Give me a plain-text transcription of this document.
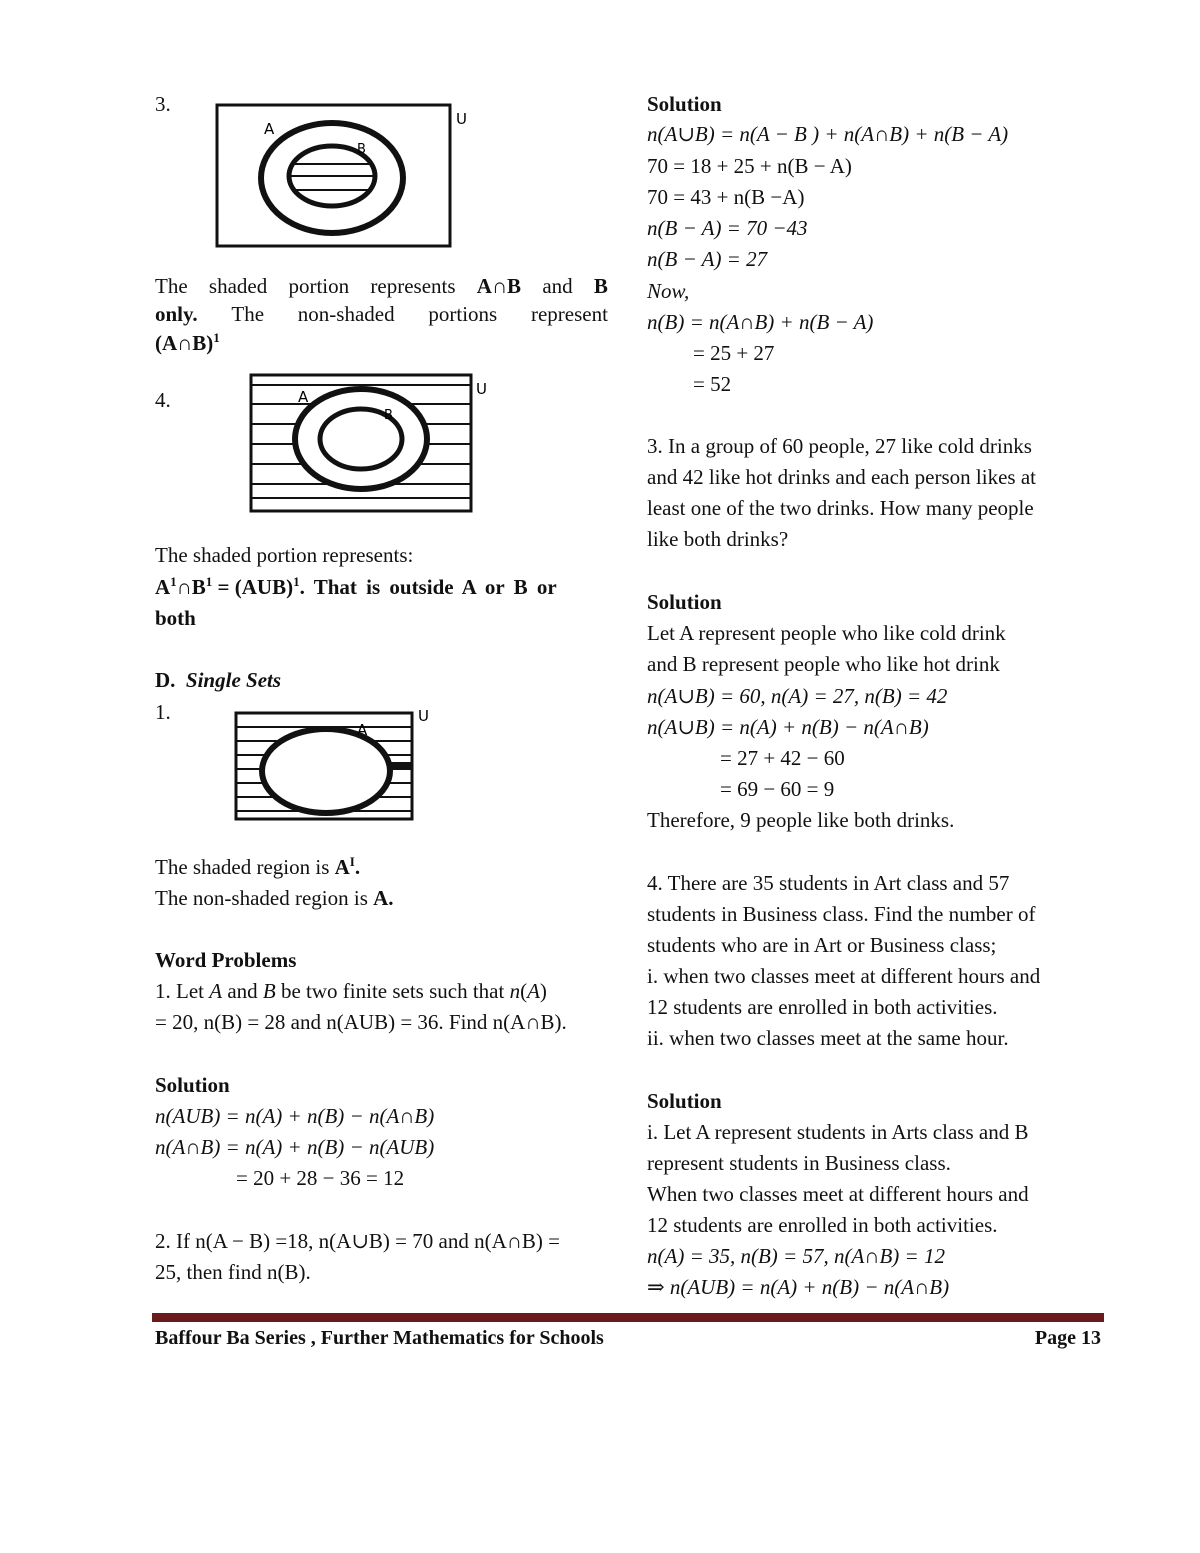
3.
A
B
U
The shaded portion represents A∩B and B
only. The non-shaded portions represent
(A∩B)$^1$
4.	A
B
U
The shaded portion represents:
$A^1\cap B^1 = (AUB)^1$. That is outside A or B or
both
D. Single Sets
1.
A
U
The shaded region is $A^I$.
The non-shaded region is A.
Word Problems
1. Let A and B be two finite sets such that n(A)
= 20, n(B) = 28 and n(AUB) = 36. Find n(A∩B).
Solution
n(AUB) = n(A) + n(B) − n(A∩B)
n(A∩B) = n(A) + n(B) − n(AUB)
= 20 + 28 − 36 = 12
2. If n(A − B) =18, n(A∪B) = 70 and n(A∩B) =
25, then find n(B).
Solution
n(A∪B) = n(A − B ) + n(A∩B) + n(B − A)
70 = 18 + 25 + n(B − A)
70 = 43 + n(B −A)
n(B − A) = 70 −43
n(B − A) = 27
Now,
n(B) = n(A∩B) + n(B − A)
= 25 + 27
= 52
3. In a group of 60 people, 27 like cold drinks
and 42 like hot drinks and each person likes at
least one of the two drinks. How many people
like both drinks?
Solution
Let A represent people who like cold drink
and B represent people who like hot drink
n(A∪B) = 60, n(A) = 27, n(B) = 42
n(A∪B) = n(A) + n(B) − n(A∩B)
= 27 + 42 − 60
= 69 − 60 = 9
Therefore, 9 people like both drinks.
4. There are 35 students in Art class and 57
students in Business class. Find the number of
students who are in Art or Business class;
i. when two classes meet at different hours and
12 students are enrolled in both activities.
ii. when two classes meet at the same hour.
Solution
i. Let A represent students in Arts class and B
represent students in Business class.
When two classes meet at different hours and
12 students are enrolled in both activities.
n(A) = 35, n(B) = 57, n(A∩B) = 12
⇒ n(AUB) = n(A) + n(B) − n(A∩B)
Baffour Ba Series , Further Mathematics for Schools	Page 13
